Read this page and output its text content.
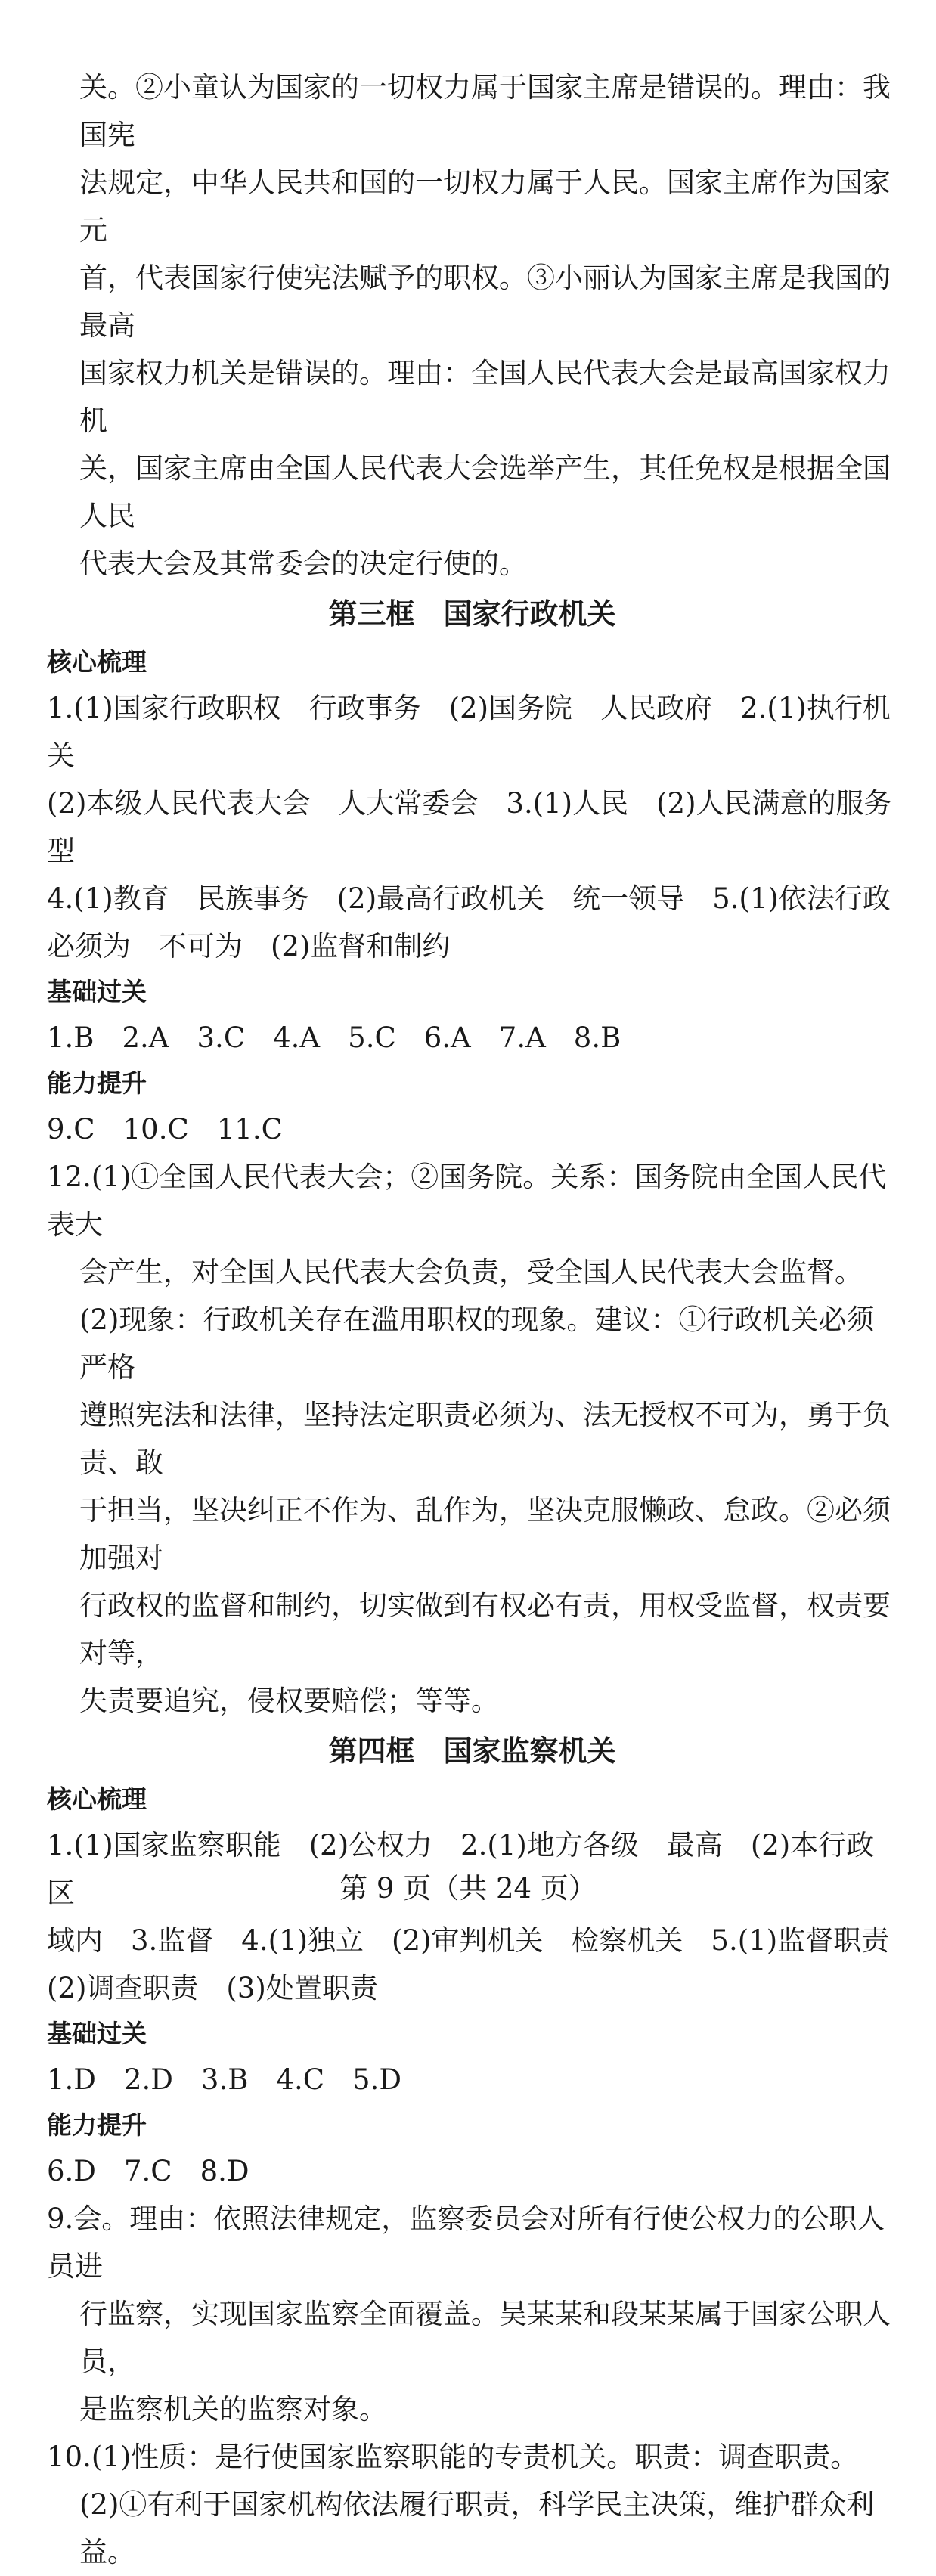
关。②小童认为国家的一切权力属于国家主席是错误的。理由：我国宪

法规定，中华人民共和国的一切权力属于人民。国家主席作为国家元

首，代表国家行使宪法赋予的职权。③小丽认为国家主席是我国的最高

国家权力机关是错误的。理由：全国人民代表大会是最高国家权力机

关，国家主席由全国人民代表大会选举产生，其任免权是根据全国人民

代表大会及其常委会的决定行使的。

第三框　国家行政机关

核心梳理

1.(1)国家行政职权　行政事务　(2)国务院　人民政府　2.(1)执行机关

(2)本级人民代表大会　人大常委会　3.(1)人民　(2)人民满意的服务型

4.(1)教育　民族事务　(2)最高行政机关　统一领导　5.(1)依法行政

必须为　不可为　(2)监督和制约

基础过关

1.B　2.A　3.C　4.A　5.C　6.A　7.A　8.B

能力提升

9.C　10.C　11.C

12.(1)①全国人民代表大会；②国务院。关系：国务院由全国人民代表大

会产生，对全国人民代表大会负责，受全国人民代表大会监督。

(2)现象：行政机关存在滥用职权的现象。建议：①行政机关必须严格

遵照宪法和法律，坚持法定职责必须为、法无授权不可为，勇于负责、敢

于担当，坚决纠正不作为、乱作为，坚决克服懒政、怠政。②必须加强对

行政权的监督和制约，切实做到有权必有责，用权受监督，权责要对等，

失责要追究，侵权要赔偿；等等。

第四框　国家监察机关

核心梳理

1.(1)国家监察职能　(2)公权力　2.(1)地方各级　最高　(2)本行政区

域内　3.监督　4.(1)独立　(2)审判机关　检察机关　5.(1)监督职责

(2)调查职责　(3)处置职责

基础过关

1.D　2.D　3.B　4.C　5.D

能力提升

6.D　7.C　8.D

9.会。理由：依照法律规定，监察委员会对所有行使公权力的公职人员进

行监察，实现国家监察全面覆盖。吴某某和段某某属于国家公职人员，

是监察机关的监察对象。

10.(1)性质：是行使国家监察职能的专责机关。职责：调查职责。

(2)①有利于国家机构依法履行职责，科学民主决策，维护群众利益。

第 9 页（共 24 页）
